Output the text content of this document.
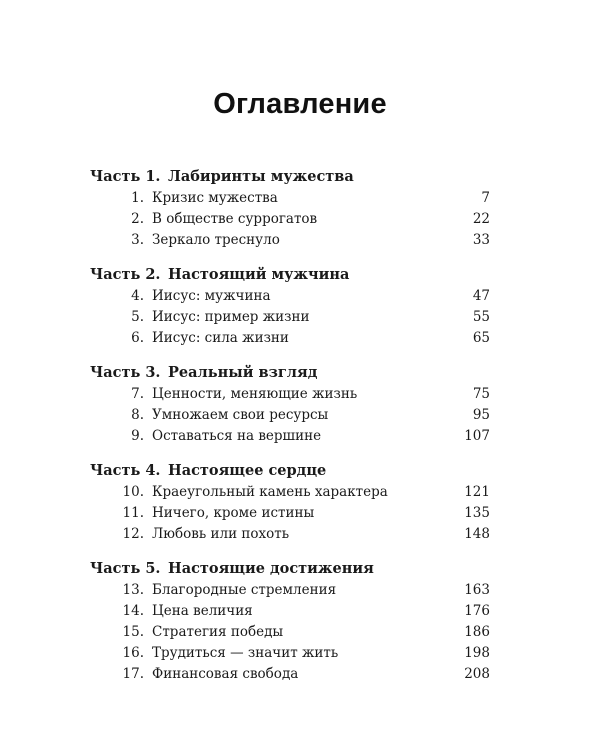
Оглавление
Часть 1. Лабиринты мужества
1. Кризис мужества	7
2. В обществе суррогатов	22
3. Зеркало треснуло	33
Часть 2. Настоящий мужчина
4. Иисус: мужчина	47
5. Иисус: пример жизни	55
6. Иисус: сила жизни	65
Часть 3. Реальный взгляд
7. Ценности, меняющие жизнь	75
8. Умножаем свои ресурсы	95
9. Оставаться на вершине	107
Часть 4. Настоящее сердце
10. Краеугольный камень характера	121
11. Ничего, кроме истины	135
12. Любовь или похоть	148
Часть 5. Настоящие достижения
13. Благородные стремления	163
14. Цена величия	176
15. Стратегия победы	186
16. Трудиться — значит жить	198
17. Финансовая свобода	208
